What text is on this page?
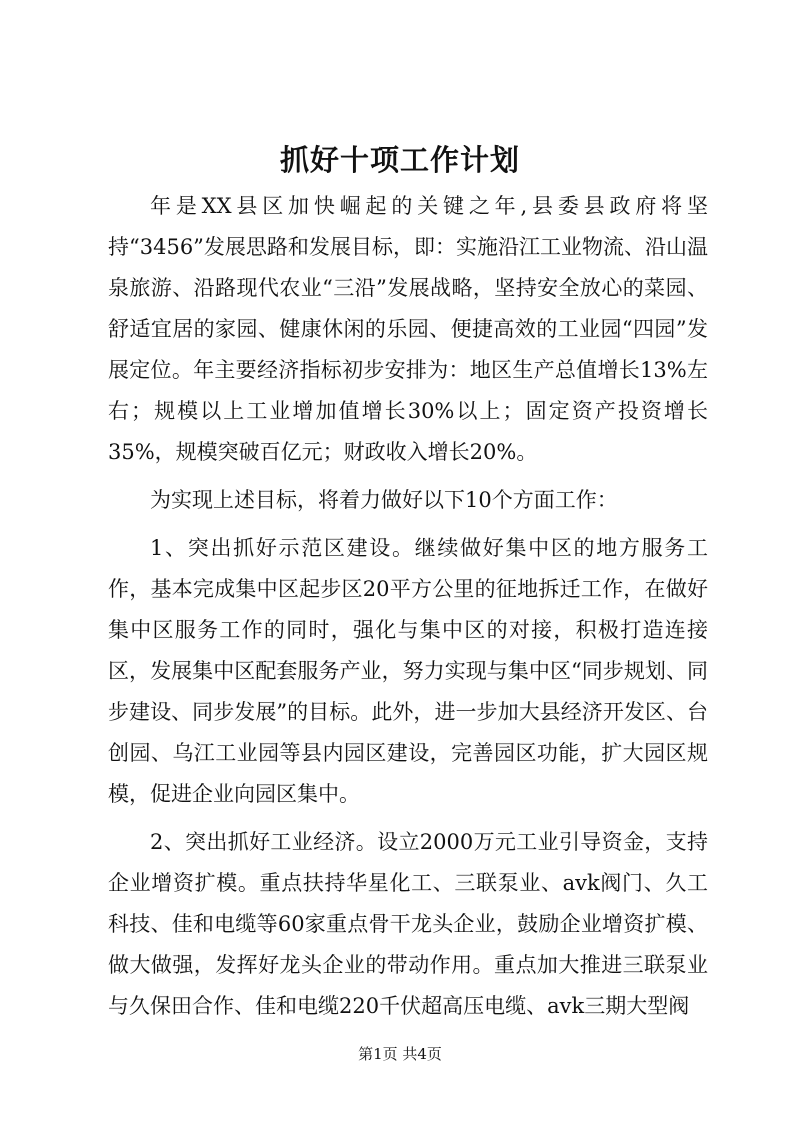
抓好十项工作计划

年是XX县区加快崛起的关键之年,县委县政府将坚持“3456”发展思路和发展目标，即：实施沿江工业物流、沿山温泉旅游、沿路现代农业“三沿”发展战略，坚持安全放心的菜园、舒适宜居的家园、健康休闲的乐园、便捷高效的工业园“四园”发展定位。年主要经济指标初步安排为：地区生产总值增长13%左右；规模以上工业增加值增长30%以上；固定资产投资增长35%，规模突破百亿元；财政收入增长20%。

为实现上述目标，将着力做好以下10个方面工作：

1、突出抓好示范区建设。继续做好集中区的地方服务工作，基本完成集中区起步区20平方公里的征地拆迁工作，在做好集中区服务工作的同时，强化与集中区的对接，积极打造连接区，发展集中区配套服务产业，努力实现与集中区“同步规划、同步建设、同步发展”的目标。此外，进一步加大县经济开发区、台创园、乌江工业园等县内园区建设，完善园区功能，扩大园区规模，促进企业向园区集中。

2、突出抓好工业经济。设立2000万元工业引导资金，支持企业增资扩模。重点扶持华星化工、三联泵业、avk阀门、久工科技、佳和电缆等60家重点骨干龙头企业，鼓励企业增资扩模、做大做强，发挥好龙头企业的带动作用。重点加大推进三联泵业与久保田合作、佳和电缆220千伏超高压电缆、avk三期大型阀

第1页 共4页
